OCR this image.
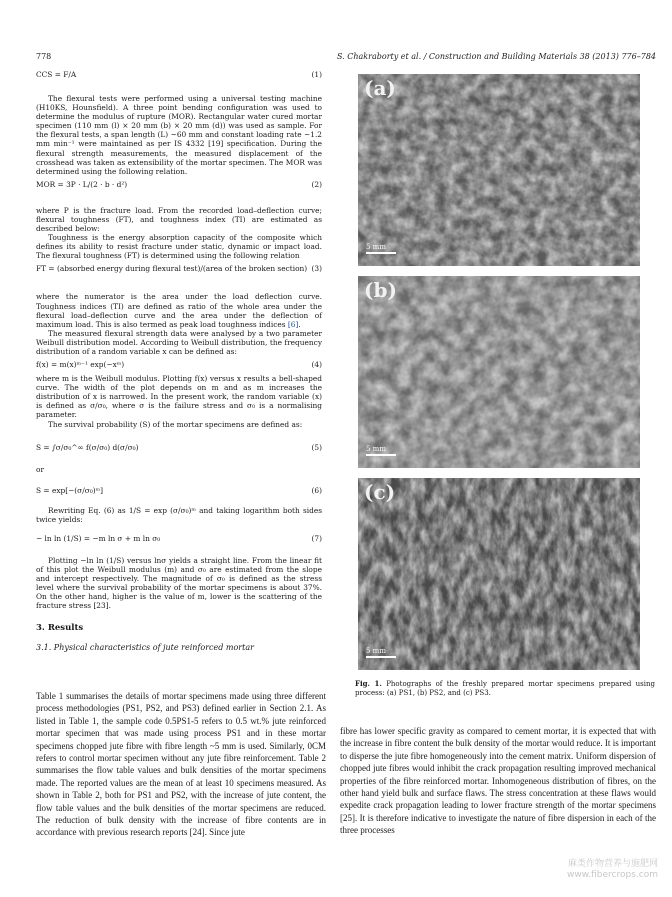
778	S. Chakraborty et al. / Construction and Building Materials 38 (2013) 776–784
CCS = F/A	(1)

The flexural tests were performed using a universal testing machine (H10KS, Hounsfield). A three point bending configuration was used to determine the modulus of rupture (MOR). Rectangular water cured mortar specimen (110 mm (l) × 20 mm (b) × 20 mm (d)) was used as sample. For the flexural tests, a span length (L) ~60 mm and constant loading rate ~1.2 mm min⁻¹ were maintained as per IS 4332 [19] specification. During the flexural strength measurements, the measured displacement of the crosshead was taken as extensibility of the mortar specimen. The MOR was determined using the following relation.

MOR = 3P · L/(2 · b · d²)	(2)

where P is the fracture load. From the recorded load–deflection curve; flexural toughness (FT), and toughness index (TI) are estimated as described below:

Toughness is the energy absorption capacity of the composite which defines its ability to resist fracture under static, dynamic or impact load. The flexural toughness (FT) is determined using the following relation

FT = (absorbed energy during flexural test)/(area of the broken section) (3)

where the numerator is the area under the load deflection curve. Toughness indices (TI) are defined as ratio of the whole area under the flexural load–deflection curve and the area under the deflection of maximum load. This is also termed as peak load toughness indices [6].

The measured flexural strength data were analysed by a two parameter Weibull distribution model. According to Weibull distribution, the frequency distribution of a random variable x can be defined as:

f(x) = m(x)ᵐ⁻¹ exp(−xᵐ)	(4)

where m is the Weibull modulus. Plotting f(x) versus x results a bell-shaped curve. The width of the plot depends on m and as m increases the distribution of x is narrowed. In the present work, the random variable (x) is defined as σ/σ₀, where σ is the failure stress and σ₀ is a normalising parameter.

The survival probability (S) of the mortar specimens are defined as:

S = ∫σ/σ₀^∞ f(σ/σ₀) d(σ/σ₀)	(5)

or

S = exp[−(σ/σ₀)ᵐ]	(6)

Rewriting Eq. (6) as 1/S = exp (σ/σ₀)ᵐ and taking logarithm both sides twice yields:

− ln ln (1/S) = −m ln σ + m ln σ₀	(7)

Plotting −ln ln (1/S) versus lnσ yields a straight line. From the linear fit of this plot the Weibull modulus (m) and σ₀ are estimated from the slope and intercept respectively. The magnitude of σ₀ is defined as the stress level where the survival probability of the mortar specimens is about 37%. On the other hand, higher is the value of m, lower is the scattering of the fracture stress [23].

3. Results

3.1. Physical characteristics of jute reinforced mortar

(a)
5 mm
(b)
5 mm
(c)
5 mm

Fig. 1. Photographs of the freshly prepared mortar specimens prepared using process: (a) PS1, (b) PS2, and (c) PS3.

Table 1 summarises the details of mortar specimens made using three different process methodologies (PS1, PS2, and PS3) defined earlier in Section 2.1. As listed in Table 1, the sample code 0.5PS1-5 refers to 0.5 wt.% jute reinforced mortar specimen that was made using process PS1 and in these mortar specimens chopped jute fibre with fibre length ~5 mm is used. Similarly, 0CM refers to control mortar specimen without any jute fibre reinforcement. Table 2 summarises the flow table values and bulk densities of the mortar specimens made. The reported values are the mean of at least 10 specimens measured. As shown in Table 2, both for PS1 and PS2, with the increase of jute content, the flow table values and the bulk densities of the mortar specimens are reduced. The reduction of bulk density with the increase of fibre contents are in accordance with previous research reports [24]. Since jute

fibre has lower specific gravity as compared to cement mortar, it is expected that with the increase in fibre content the bulk density of the mortar would reduce. It is important to disperse the jute fibre homogeneously into the cement matrix. Uniform dispersion of chopped jute fibres would inhibit the crack propagation resulting improved mechanical properties of the fibre reinforced mortar. Inhomogeneous distribution of fibres, on the other hand yield bulk and surface flaws. The stress concentration at these flaws would expedite crack propagation leading to lower fracture strength of the mortar specimens [25]. It is therefore indicative to investigate the nature of fibre dispersion in each of the three processes

麻类作物营养与施肥网
www.fibercrops.com
